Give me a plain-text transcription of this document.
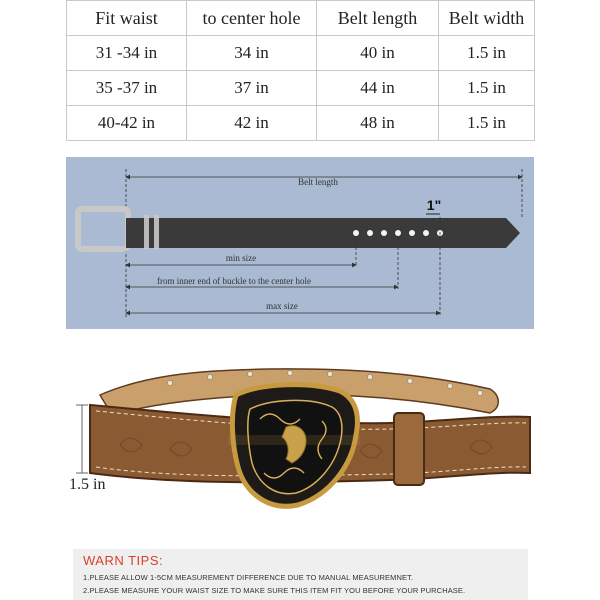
Fit waist	to center hole	Belt length	Belt width
31 -34 in	34 in	40 in	1.5 in
35 -37 in	37 in	44 in	1.5 in
40-42 in	42 in	48 in	1.5 in
Belt length
1"
min size
from inner end of buckle to the center hole
max size
1.5 in
WARN TIPS:
1.PLEASE ALLOW 1-5CM MEASUREMENT DIFFERENCE DUE TO MANUAL MEASUREMNET.
2.PLEASE MEASURE YOUR WAIST SIZE TO MAKE SURE THIS ITEM FIT YOU BEFORE YOUR PURCHASE.
